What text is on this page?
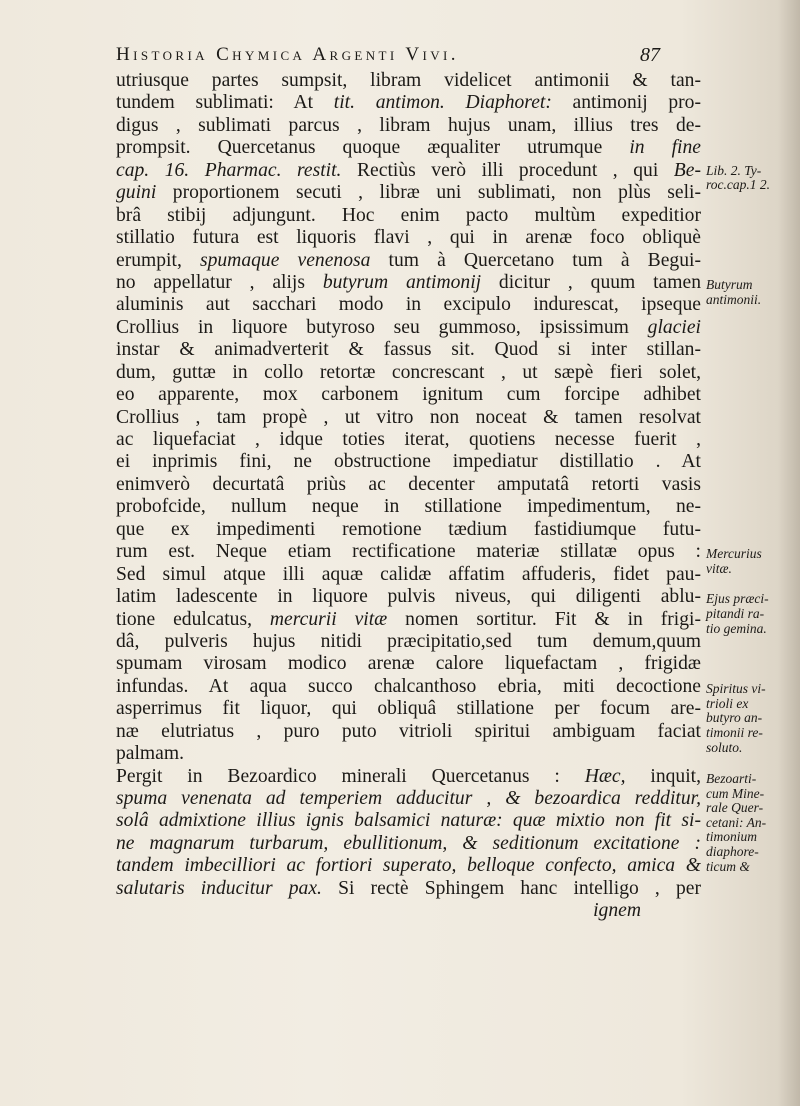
Historia Chymica Argenti Vivi.	87
utriusque partes sumpsit, libram videlicet antimonii & tan-
tundem sublimati: At tit. antimon. Diaphoret: antimonij pro-
digus , sublimati parcus , libram hujus unam, illius tres de-
prompsit. Quercetanus quoque æqualiter utrumque in fine
cap. 16. Pharmac. restit. Rectiùs verò illi procedunt , qui Be-
guini proportionem secuti , libræ uni sublimati, non plùs seli-
brâ stibij adjungunt. Hoc enim pacto multùm expeditior
stillatio futura est liquoris flavi , qui in arenæ foco obliquè
erumpit, spumaque venenosa tum à Quercetano tum à Begui-
no appellatur , alijs butyrum antimonij dicitur , quum tamen
aluminis aut sacchari modo in excipulo indurescat, ipseque
Crollius in liquore butyroso seu gummoso, ipsissimum glaciei
instar & animadverterit & fassus sit. Quod si inter stillan-
dum, guttæ in collo retortæ concrescant , ut sæpè fieri solet,
eo apparente, mox carbonem ignitum cum forcipe adhibet
Crollius , tam propè , ut vitro non noceat & tamen resolvat
ac liquefaciat , idque toties iterat, quotiens necesse fuerit ,
ei inprimis fini, ne obstructione impediatur distillatio . At
enimverò decurtatâ priùs ac decenter amputatâ retorti vasis
probofcide, nullum neque in stillatione impedimentum, ne-
que ex impedimenti remotione tædium fastidiumque futu-
rum est. Neque etiam rectificatione materiæ stillatæ opus :
Sed simul atque illi aquæ calidæ affatim affuderis, fidet pau-
latim ladescente in liquore pulvis niveus, qui diligenti ablu-
tione edulcatus, mercurii vitæ nomen sortitur. Fit & in frigi-
dâ, pulveris hujus nitidi præcipitatio,sed tum demum,quum
spumam virosam modico arenæ calore liquefactam , frigidæ
infundas. At aqua succo chalcanthoso ebria, miti decoctione
asperrimus fit liquor, qui obliquâ stillatione per focum are-
næ elutriatus , puro puto vitrioli spiritui ambiguam faciat
palmam.
Pergit in Bezoardico minerali Quercetanus : Hæc, inquit,
spuma venenata ad temperiem adducitur , & bezoardica redditur,
solâ admixtione illius ignis balsamici naturæ: quæ mixtio non fit si-
ne magnarum turbarum, ebullitionum, & seditionum excitatione :
tandem imbecilliori ac fortiori superato, belloque confecto, amica &
salutaris inducitur pax. Si rectè Sphingem hanc intelligo , per
ignem
Lib. 2. Ty-
roc.cap.1 2.
Butyrum
antimonii.
Mercurius
vitæ.
Ejus præci-
pitandi ra-
tio gemina.
Spiritus vi-
trioli ex
butyro an-
timonii re-
soluto.
Bezoarti-
cum Mine-
rale Quer-
cetani: An-
timonium
diaphore-
ticum &
